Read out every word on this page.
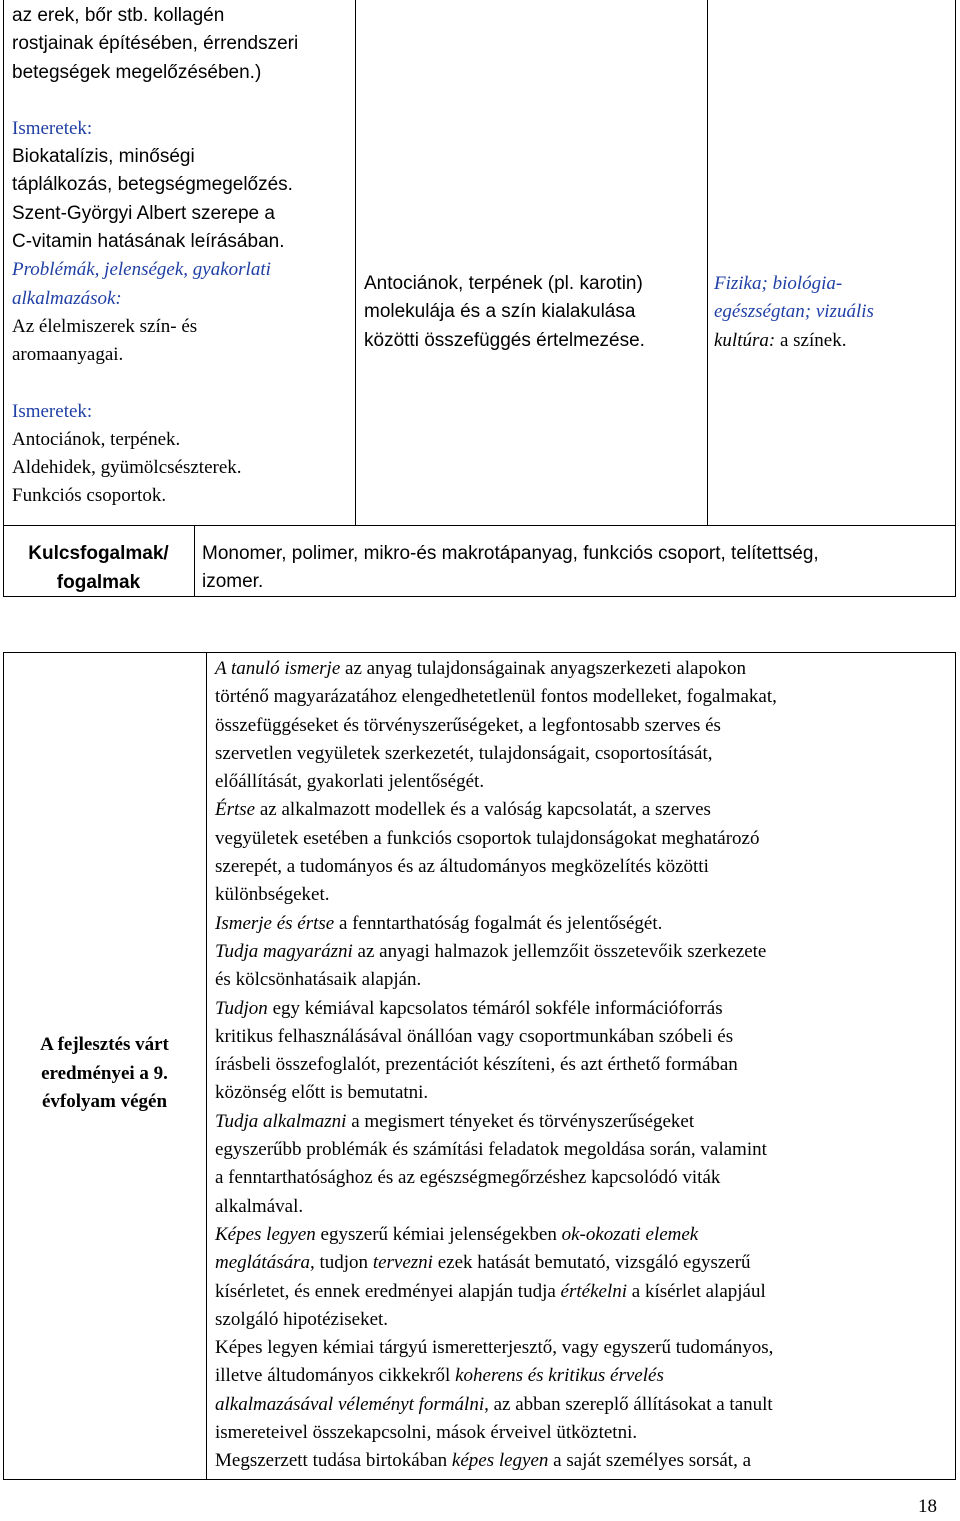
az erek, bőr stb. kollagén

rostjainak építésében, érrendszeri

betegségek megelőzésében.)

Ismeretek:

Biokatalízis, minőségi

táplálkozás, betegségmegelőzés.

Szent-Györgyi Albert szerepe a

C-vitamin hatásának leírásában.

Problémák, jelenségek, gyakorlati

alkalmazások:

Az élelmiszerek szín- és

aromaanyagai.

Ismeretek:

Antociánok, terpének.

Aldehidek, gyümölcsészterek.

Funkciós csoportok.

Antociánok, terpének (pl. karotin)

molekulája és a szín kialakulása

közötti összefüggés értelmezése.

Fizika; biológia-

egészségtan; vizuális

kultúra: a színek.

Kulcsfogalmak/

fogalmak

Monomer, polimer, mikro-és makrotápanyag, funkciós csoport, telítettség,

izomer.

A fejlesztés várt

eredményei a 9.

évfolyam végén

A tanuló ismerje az anyag tulajdonságainak anyagszerkezeti alapokon

történő magyarázatához elengedhetetlenül fontos modelleket, fogalmakat,

összefüggéseket és törvényszerűségeket, a legfontosabb szerves és

szervetlen vegyületek szerkezetét, tulajdonságait, csoportosítását,

előállítását, gyakorlati jelentőségét.

Értse az alkalmazott modellek és a valóság kapcsolatát, a szerves

vegyületek esetében a funkciós csoportok tulajdonságokat meghatározó

szerepét, a tudományos és az áltudományos megközelítés közötti

különbségeket.

Ismerje és értse a fenntarthatóság fogalmát és jelentőségét.

Tudja magyarázni az anyagi halmazok jellemzőit összetevőik szerkezete

és kölcsönhatásaik alapján.

Tudjon egy kémiával kapcsolatos témáról sokféle információforrás

kritikus felhasználásával önállóan vagy csoportmunkában szóbeli és

írásbeli összefoglalót, prezentációt készíteni, és azt érthető formában

közönség előtt is bemutatni.

Tudja alkalmazni a megismert tényeket és törvényszerűségeket

egyszerűbb problémák és számítási feladatok megoldása során, valamint

a fenntarthatósághoz és az egészségmegőrzéshez kapcsolódó viták

alkalmával.

Képes legyen egyszerű kémiai jelenségekben ok-okozati elemek

meglátására, tudjon tervezni ezek hatását bemutató, vizsgáló egyszerű

kísérletet, és ennek eredményei alapján tudja értékelni a kísérlet alapjául

szolgáló hipotéziseket.

Képes legyen kémiai tárgyú ismeretterjesztő, vagy egyszerű tudományos,

illetve áltudományos cikkekről koherens és kritikus érvelés

alkalmazásával véleményt formálni, az abban szereplő állításokat a tanult

ismereteivel összekapcsolni, mások érveivel ütköztetni.

Megszerzett tudása birtokában képes legyen a saját személyes sorsát, a

18
